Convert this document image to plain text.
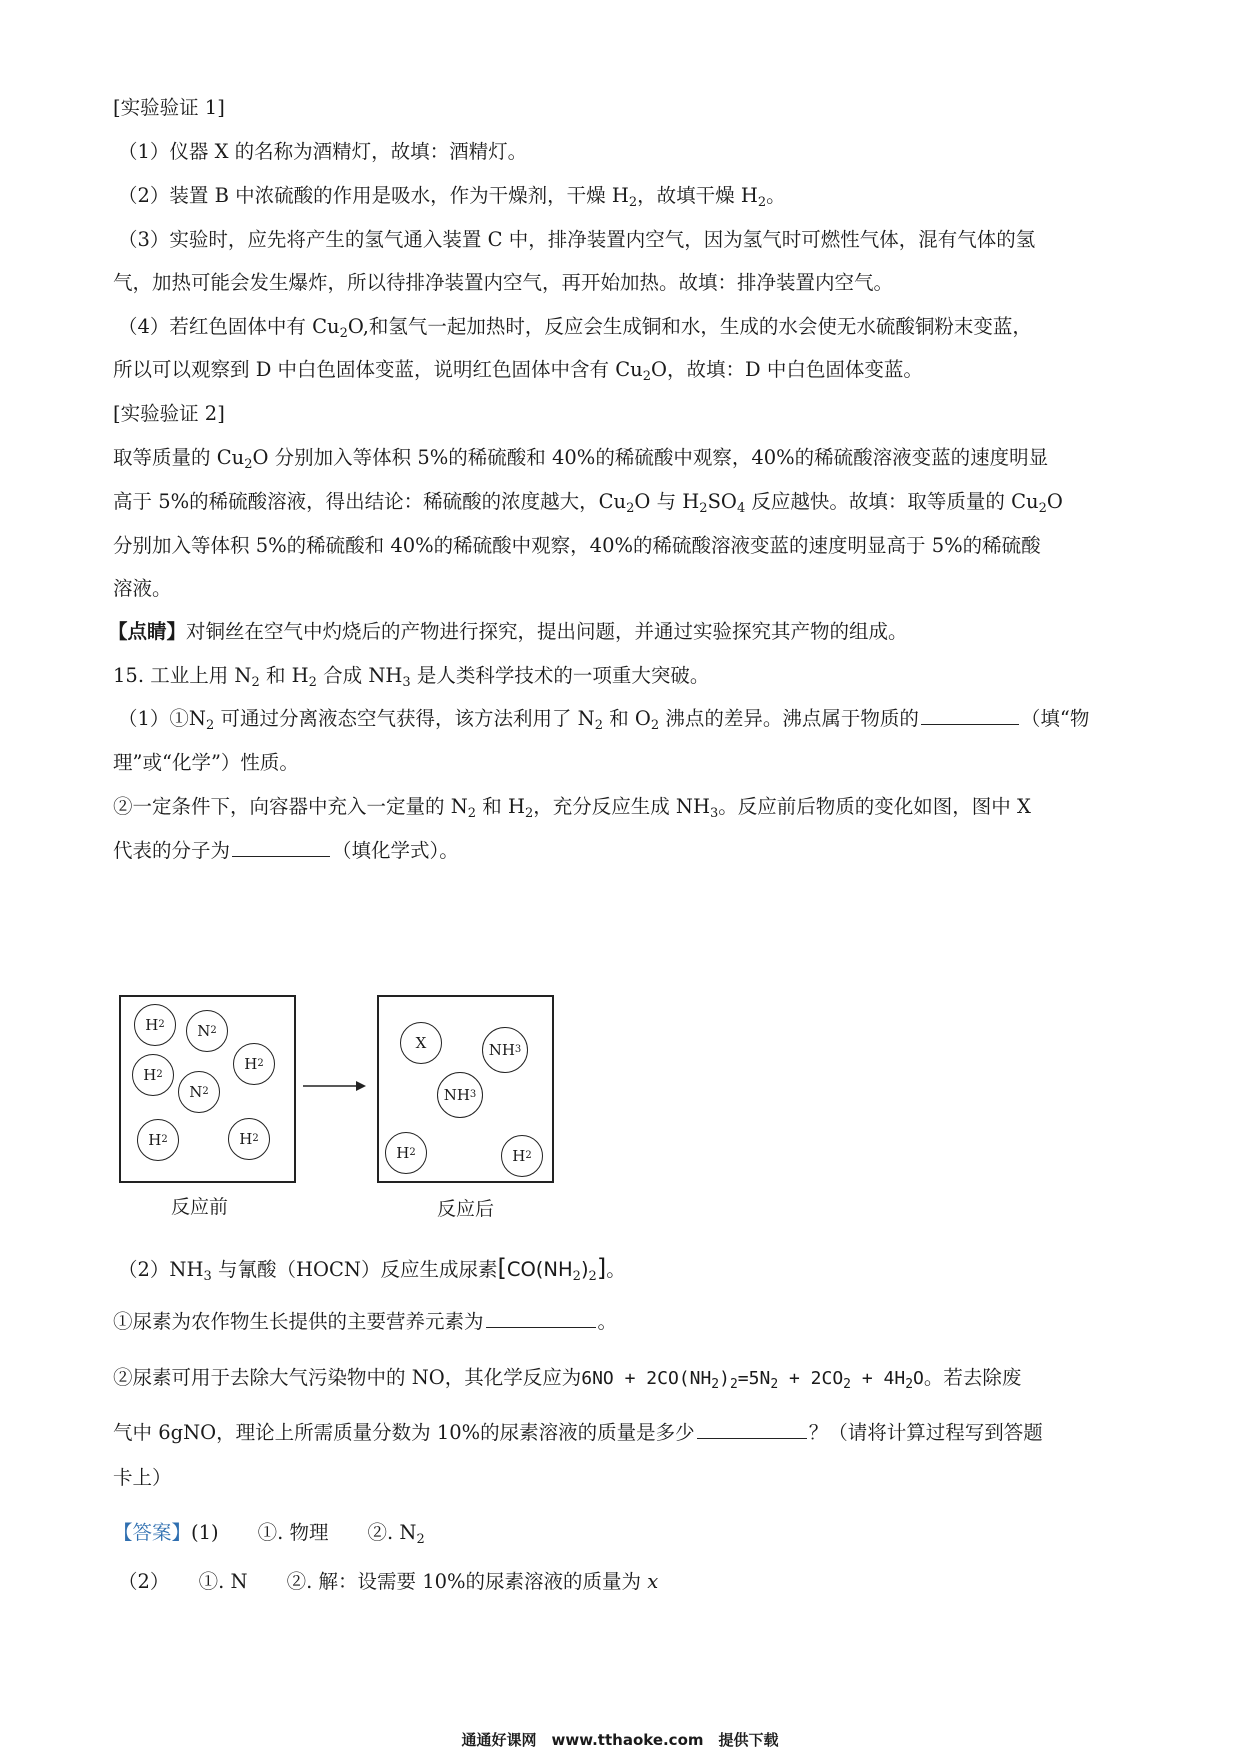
[实验验证 1]
（1）仪器 X 的名称为酒精灯，故填：酒精灯。
（2）装置 B 中浓硫酸的作用是吸水，作为干燥剂，干燥 $H_2$，故填干燥 $H_2$。
（3）实验时，应先将产生的氢气通入装置 C 中，排净装置内空气，因为氢气时可燃性气体，混有气体的氢
气，加热可能会发生爆炸，所以待排净装置内空气，再开始加热。故填：排净装置内空气。
（4）若红色固体中有 $Cu_2O$,和氢气一起加热时，反应会生成铜和水，生成的水会使无水硫酸铜粉末变蓝，
所以可以观察到 D 中白色固体变蓝，说明红色固体中含有 $Cu_2O$，故填：D 中白色固体变蓝。
[实验验证 2]
取等质量的 $Cu_2O$ 分别加入等体积 5%的稀硫酸和 40%的稀硫酸中观察，40%的稀硫酸溶液变蓝的速度明显
高于 5%的稀硫酸溶液，得出结论：稀硫酸的浓度越大，$Cu_2O$ 与 $H_2SO_4$ 反应越快。故填：取等质量的 $Cu_2O$
分别加入等体积 5%的稀硫酸和 40%的稀硫酸中观察，40%的稀硫酸溶液变蓝的速度明显高于 5%的稀硫酸
溶液。
【点睛】对铜丝在空气中灼烧后的产物进行探究，提出问题，并通过实验探究其产物的组成。
15. 工业上用 $N_2$ 和 $H_2$ 合成 $NH_3$ 是人类科学技术的一项重大突破。
$(1)①N_2$ 可通过分离液态空气获得，该方法利用了 $N_2$ 和 $O_2$ 沸点的差异。沸点属于物质的	（填“物
理”或“化学”）性质。
②一定条件下，向容器中充入一定量的 $N_2$ 和 $H_2$，充分反应生成 $NH_3$。反应前后物质的变化如图，图中 X
代表的分子为	（填化学式）。
H 2 N 2
H 2
H 2
N 2
H 2	H 2
X	NH 3
NH 3
H 2	H 2
反应前	反应后
$(2)NH_3$ 与氰酸（HOCN）反应生成尿素$[CO(NH_2)_2]$。
①尿素为农作物生长提供的主要营养元素为	。
②尿素可用于去除大气污染物中的 NO，其化学反应为$6NO + 2CO(NH_2)_2=5N_2 + 2CO_2 + 4H_2O$。若去除废
气中 6gNO，理论上所需质量分数为 10%的尿素溶液的质量是多少	？（请将计算过程写到答题
卡上）
【答案】(1)　　①. 物理　　②. $N_2$
（2）　　①. N　　②. 解：设需要 10%的尿素溶液的质量为 x
通通好课网　www.tthaoke.com　提供下载
